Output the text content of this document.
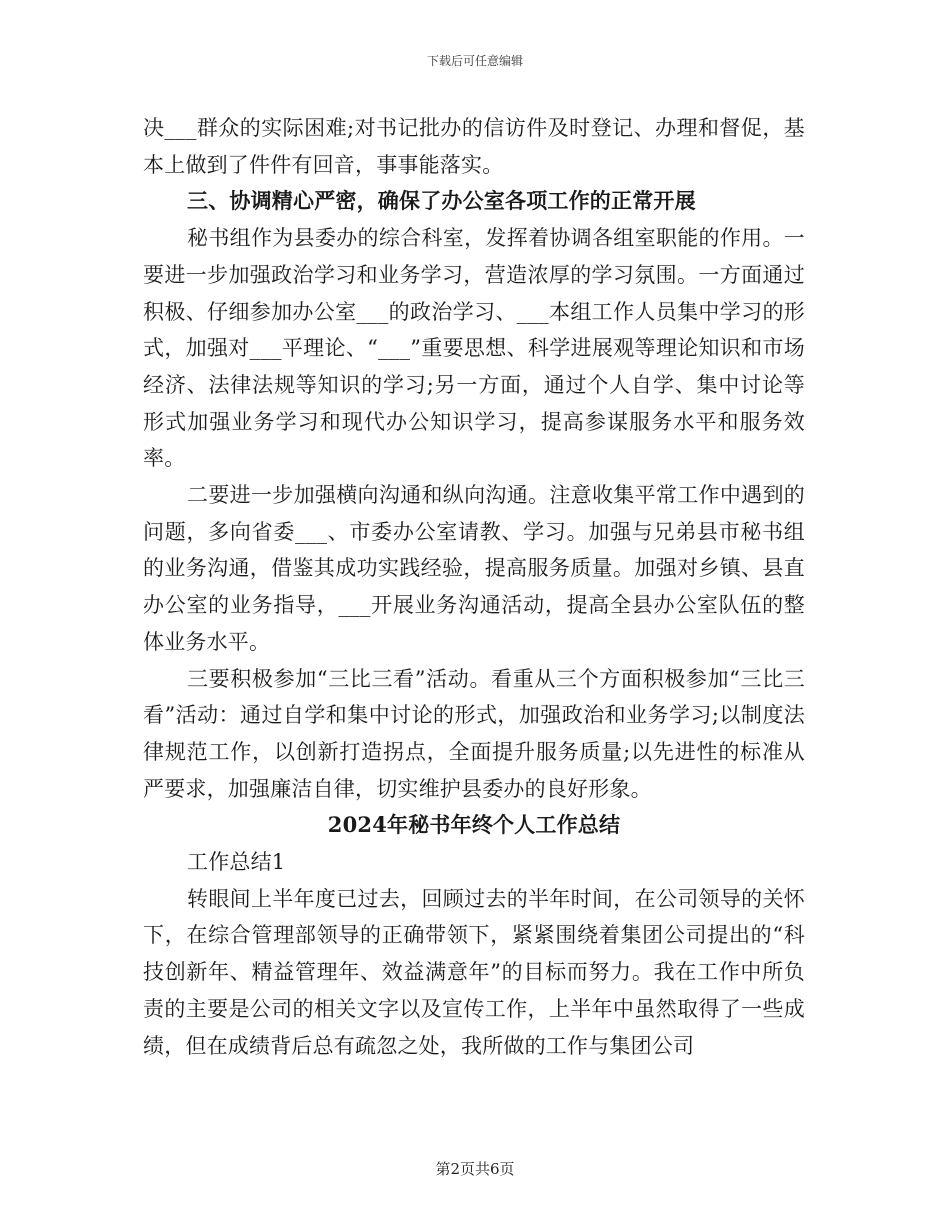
下载后可任意编辑

决___群众的实际困难;对书记批办的信访件及时登记、办理和督促，基本上做到了件件有回音，事事能落实。

三、协调精心严密，确保了办公室各项工作的正常开展

秘书组作为县委办的综合科室，发挥着协调各组室职能的作用。一要进一步加强政治学习和业务学习，营造浓厚的学习氛围。一方面通过积极、仔细参加办公室___的政治学习、___本组工作人员集中学习的形式，加强对___平理论、“___”重要思想、科学进展观等理论知识和市场经济、法律法规等知识的学习;另一方面，通过个人自学、集中讨论等形式加强业务学习和现代办公知识学习，提高参谋服务水平和服务效率。

二要进一步加强横向沟通和纵向沟通。注意收集平常工作中遇到的问题，多向省委___、市委办公室请教、学习。加强与兄弟县市秘书组的业务沟通，借鉴其成功实践经验，提高服务质量。加强对乡镇、县直办公室的业务指导，___开展业务沟通活动，提高全县办公室队伍的整体业务水平。

三要积极参加“三比三看”活动。看重从三个方面积极参加“三比三看”活动：通过自学和集中讨论的形式，加强政治和业务学习;以制度法律规范工作，以创新打造拐点，全面提升服务质量;以先进性的标准从严要求，加强廉洁自律，切实维护县委办的良好形象。

2024年秘书年终个人工作总结

工作总结1

转眼间上半年度已过去，回顾过去的半年时间，在公司领导的关怀下，在综合管理部领导的正确带领下，紧紧围绕着集团公司提出的“科技创新年、精益管理年、效益满意年”的目标而努力。我在工作中所负责的主要是公司的相关文字以及宣传工作，上半年中虽然取得了一些成绩，但在成绩背后总有疏忽之处，我所做的工作与集团公司

第2页共6页
